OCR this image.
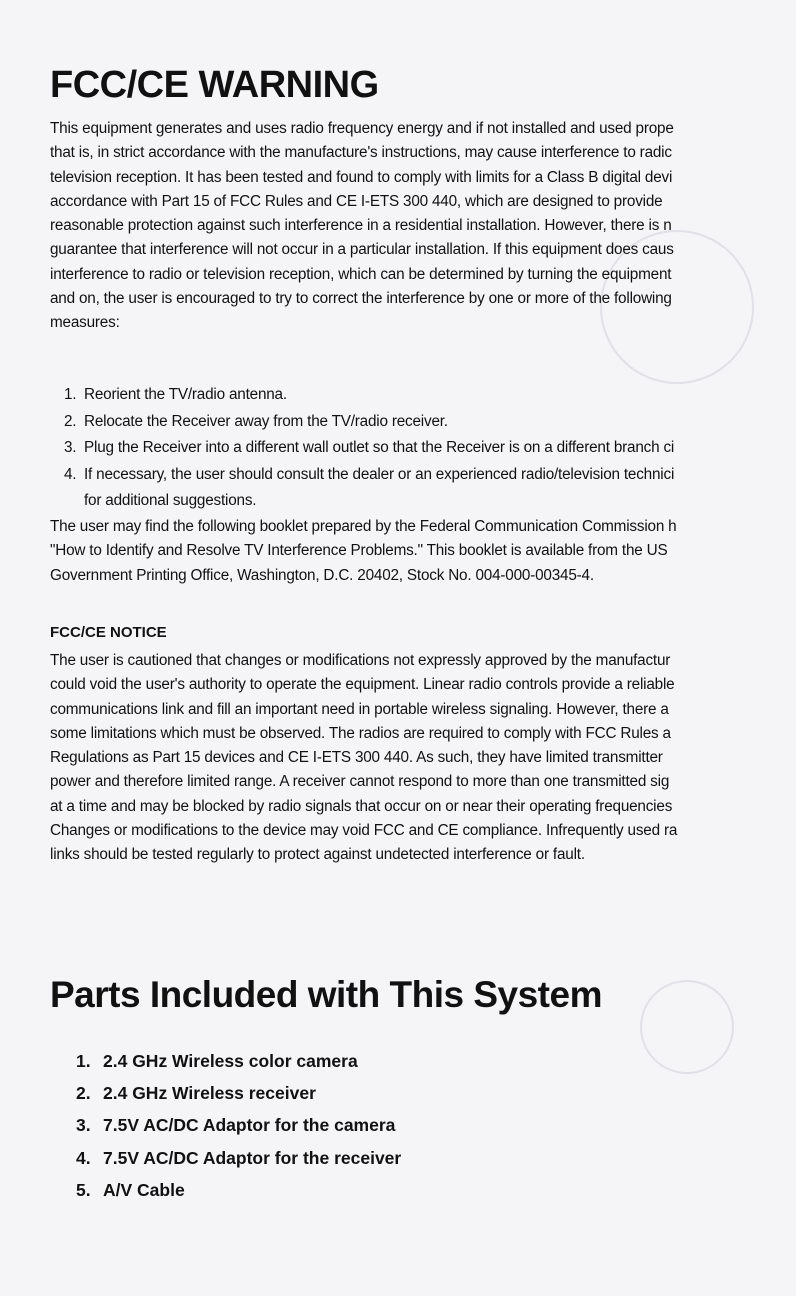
FCC/CE WARNING
This equipment generates and uses radio frequency energy and if not installed and used prope
that is, in strict accordance with the manufacture's instructions, may cause interference to radic
television reception. It has been tested and found to comply with limits for a Class B digital devi
accordance with Part 15 of FCC Rules and CE I-ETS 300 440, which are designed to provide
reasonable protection against such interference in a residential installation. However, there is n
guarantee that interference will not occur in a particular installation. If this equipment does caus
interference to radio or television reception, which can be determined by turning the equipment
and on, the user is encouraged to try to correct the interference by one or more of the following
measures:
1. Reorient the TV/radio antenna.
2. Relocate the Receiver away from the TV/radio receiver.
3. Plug the Receiver into a different wall outlet so that the Receiver is on a different branch ci
4. If necessary, the user should consult the dealer or an experienced radio/television technici
for additional suggestions.
The user may find the following booklet prepared by the Federal Communication Commission h
"How to Identify and Resolve TV Interference Problems." This booklet is available from the US
Government Printing Office, Washington, D.C. 20402, Stock No. 004-000-00345-4.
FCC/CE NOTICE
The user is cautioned that changes or modifications not expressly approved by the manufactur
could void the user's authority to operate the equipment. Linear radio controls provide a reliable
communications link and fill an important need in portable wireless signaling. However, there a
some limitations which must be observed. The radios are required to comply with FCC Rules a
Regulations as Part 15 devices and CE I-ETS 300 440. As such, they have limited transmitter
power and therefore limited range. A receiver cannot respond to more than one transmitted sig
at a time and may be blocked by radio signals that occur on or near their operating frequencies
Changes or modifications to the device may void FCC and CE compliance. Infrequently used ra
links should be tested regularly to protect against undetected interference or fault.
Parts Included with This System
1. 2.4 GHz Wireless color camera
2. 2.4 GHz Wireless receiver
3. 7.5V AC/DC Adaptor for the camera
4. 7.5V AC/DC Adaptor for the receiver
5. A/V Cable
